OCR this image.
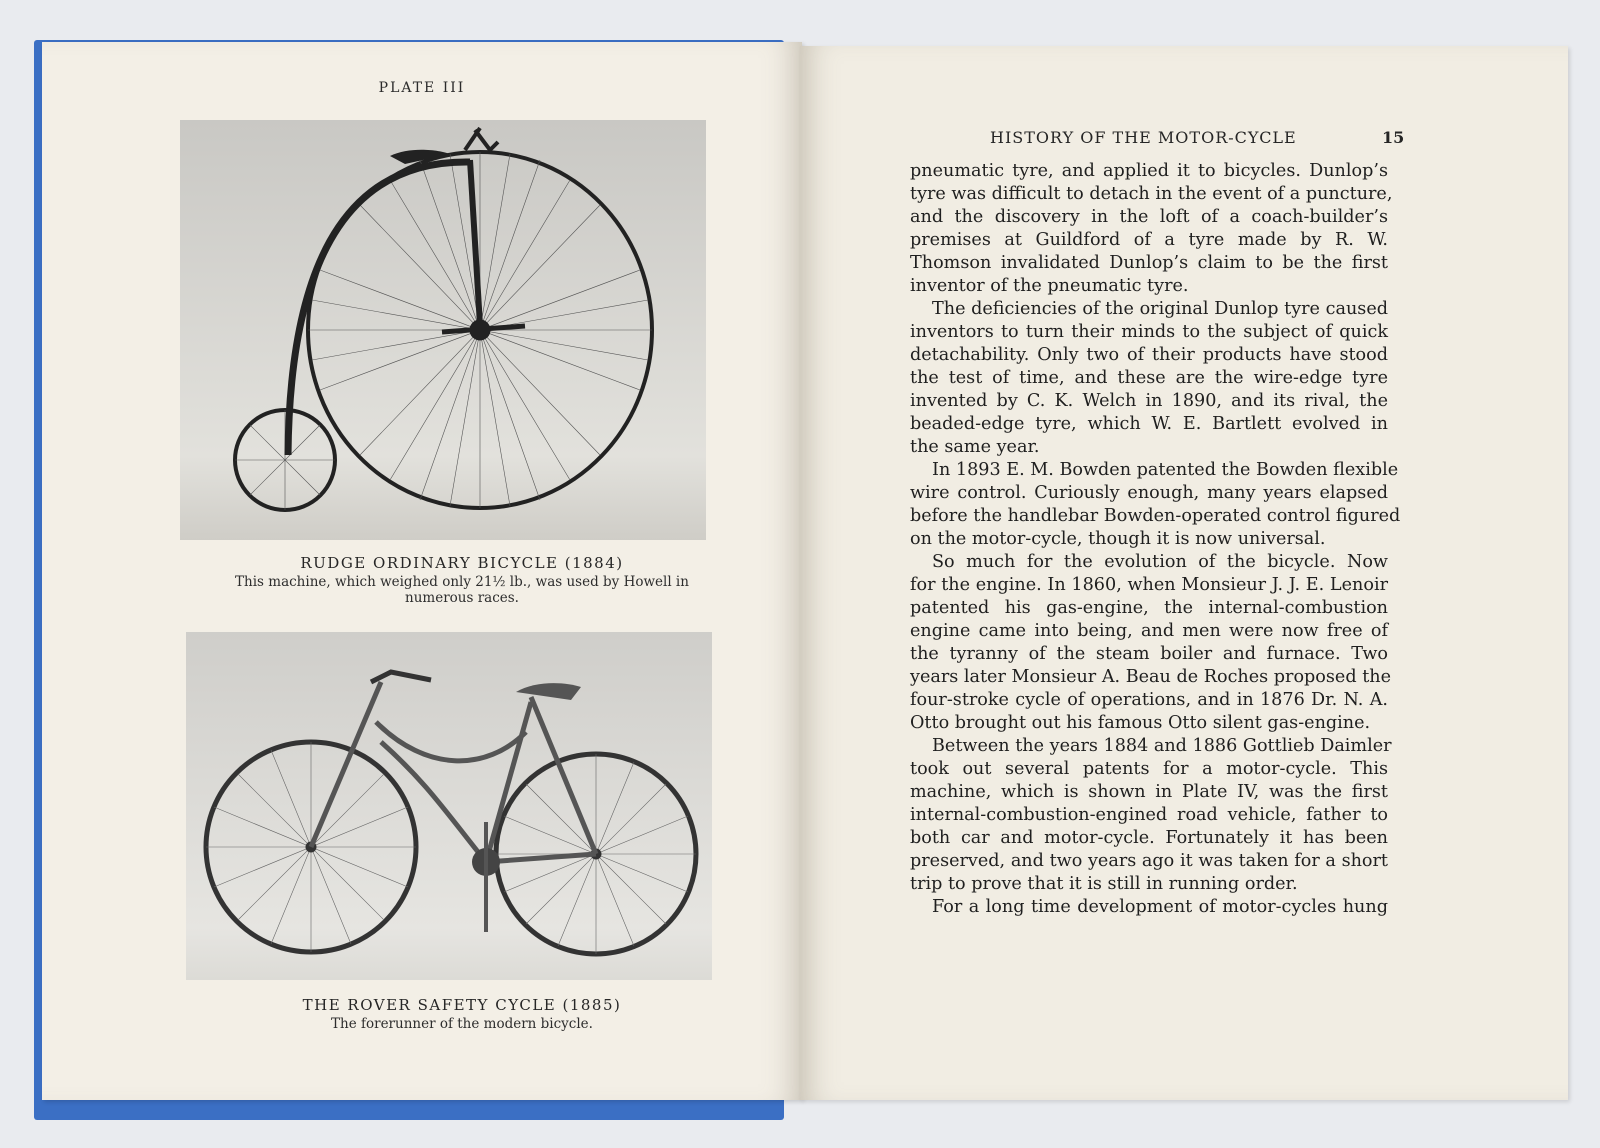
PLATE III
RUDGE ORDINARY BICYCLE (1884)
This machine, which weighed only 21½ lb., was used by Howell in
numerous races.
THE ROVER SAFETY CYCLE (1885)
The forerunner of the modern bicycle.
HISTORY OF THE MOTOR-CYCLE	15
pneumatic tyre, and applied it to bicycles. Dunlop’s
tyre was difficult to detach in the event of a puncture,
and the discovery in the loft of a coach-builder’s
premises at Guildford of a tyre made by R. W.
Thomson invalidated Dunlop’s claim to be the first
inventor of the pneumatic tyre.
The deficiencies of the original Dunlop tyre caused
inventors to turn their minds to the subject of quick
detachability. Only two of their products have stood
the test of time, and these are the wire-edge tyre
invented by C. K. Welch in 1890, and its rival, the
beaded-edge tyre, which W. E. Bartlett evolved in
the same year.
In 1893 E. M. Bowden patented the Bowden flexible
wire control. Curiously enough, many years elapsed
before the handlebar Bowden-operated control figured
on the motor-cycle, though it is now universal.
So much for the evolution of the bicycle. Now
for the engine. In 1860, when Monsieur J. J. E. Lenoir
patented his gas-engine, the internal-combustion
engine came into being, and men were now free of
the tyranny of the steam boiler and furnace. Two
years later Monsieur A. Beau de Roches proposed the
four-stroke cycle of operations, and in 1876 Dr. N. A.
Otto brought out his famous Otto silent gas-engine.
Between the years 1884 and 1886 Gottlieb Daimler
took out several patents for a motor-cycle. This
machine, which is shown in Plate IV, was the first
internal-combustion-engined road vehicle, father to
both car and motor-cycle. Fortunately it has been
preserved, and two years ago it was taken for a short
trip to prove that it is still in running order.
For a long time development of motor-cycles hung
